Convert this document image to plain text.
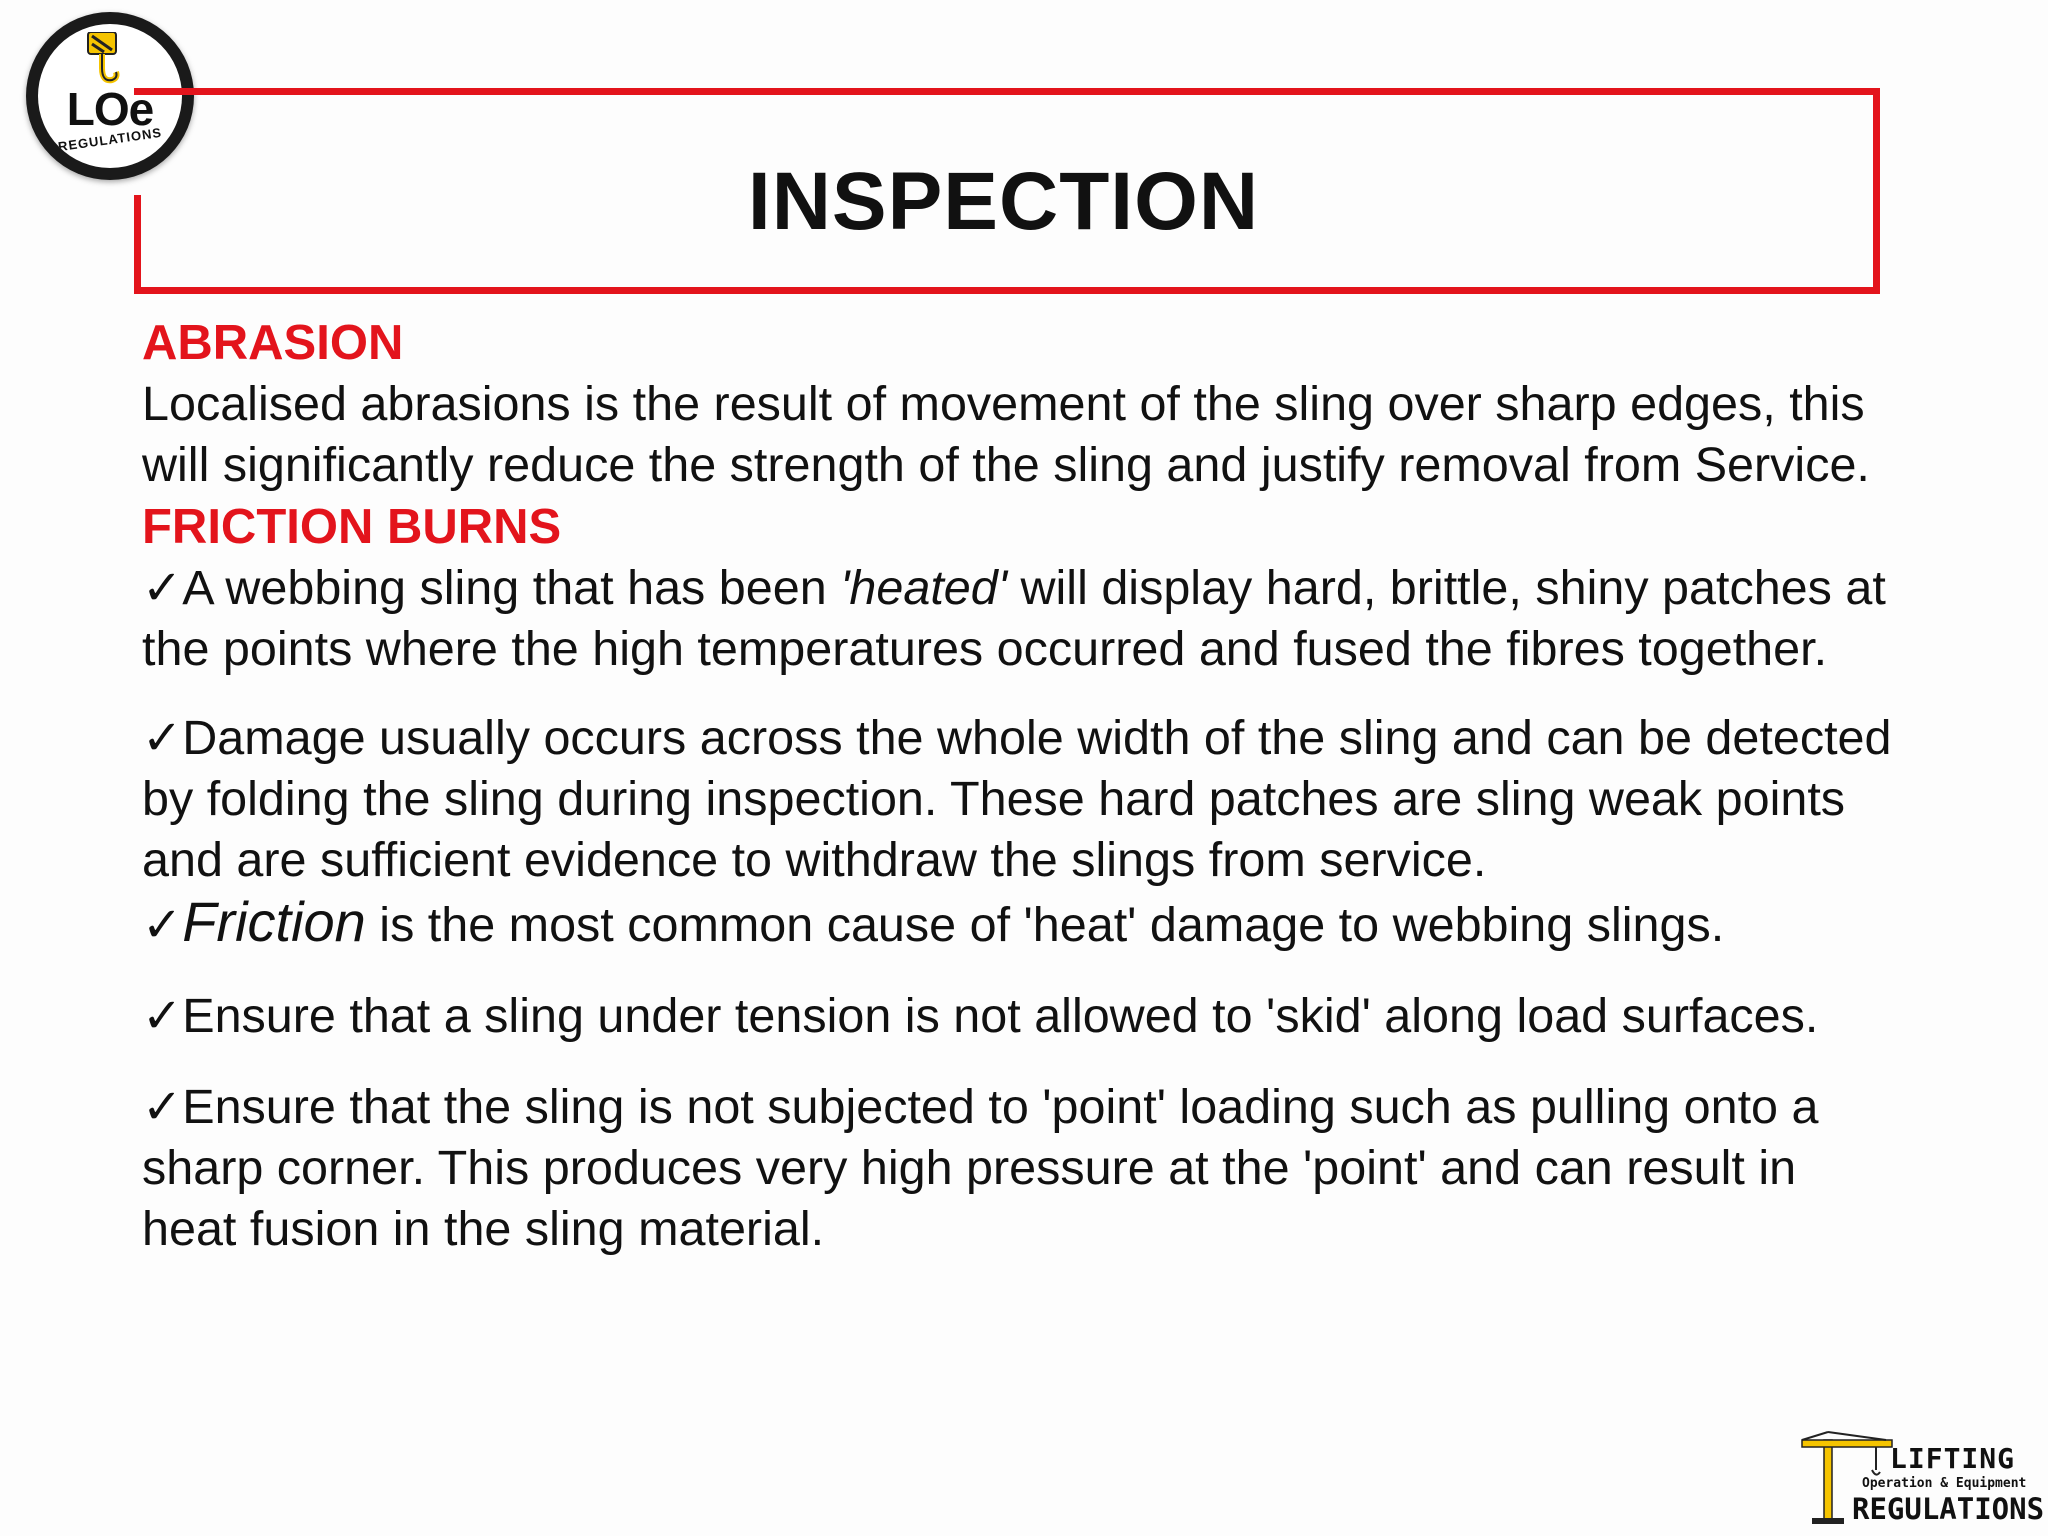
LOe
REGULATIONS
INSPECTION
ABRASION

Localised abrasions is the result of movement of the sling over sharp edges, this will significantly reduce the strength of the sling and justify removal from Service.

FRICTION BURNS

✓A webbing sling that has been 'heated' will display hard, brittle, shiny patches at the points where the high temperatures occurred and fused the fibres together.

✓Damage usually occurs across the whole width of the sling and can be detected by folding the sling during inspection. These hard patches are sling weak points and are sufficient evidence to withdraw the slings from service.

✓Friction is the most common cause of 'heat' damage to webbing slings.

✓Ensure that a sling under tension is not allowed to 'skid' along load surfaces.

✓Ensure that the sling is not subjected to 'point' loading such as pulling onto a sharp corner. This produces very high pressure at the 'point' and can result in heat fusion in the sling material.

LIFTING
Operation & Equipment
REGULATIONS
